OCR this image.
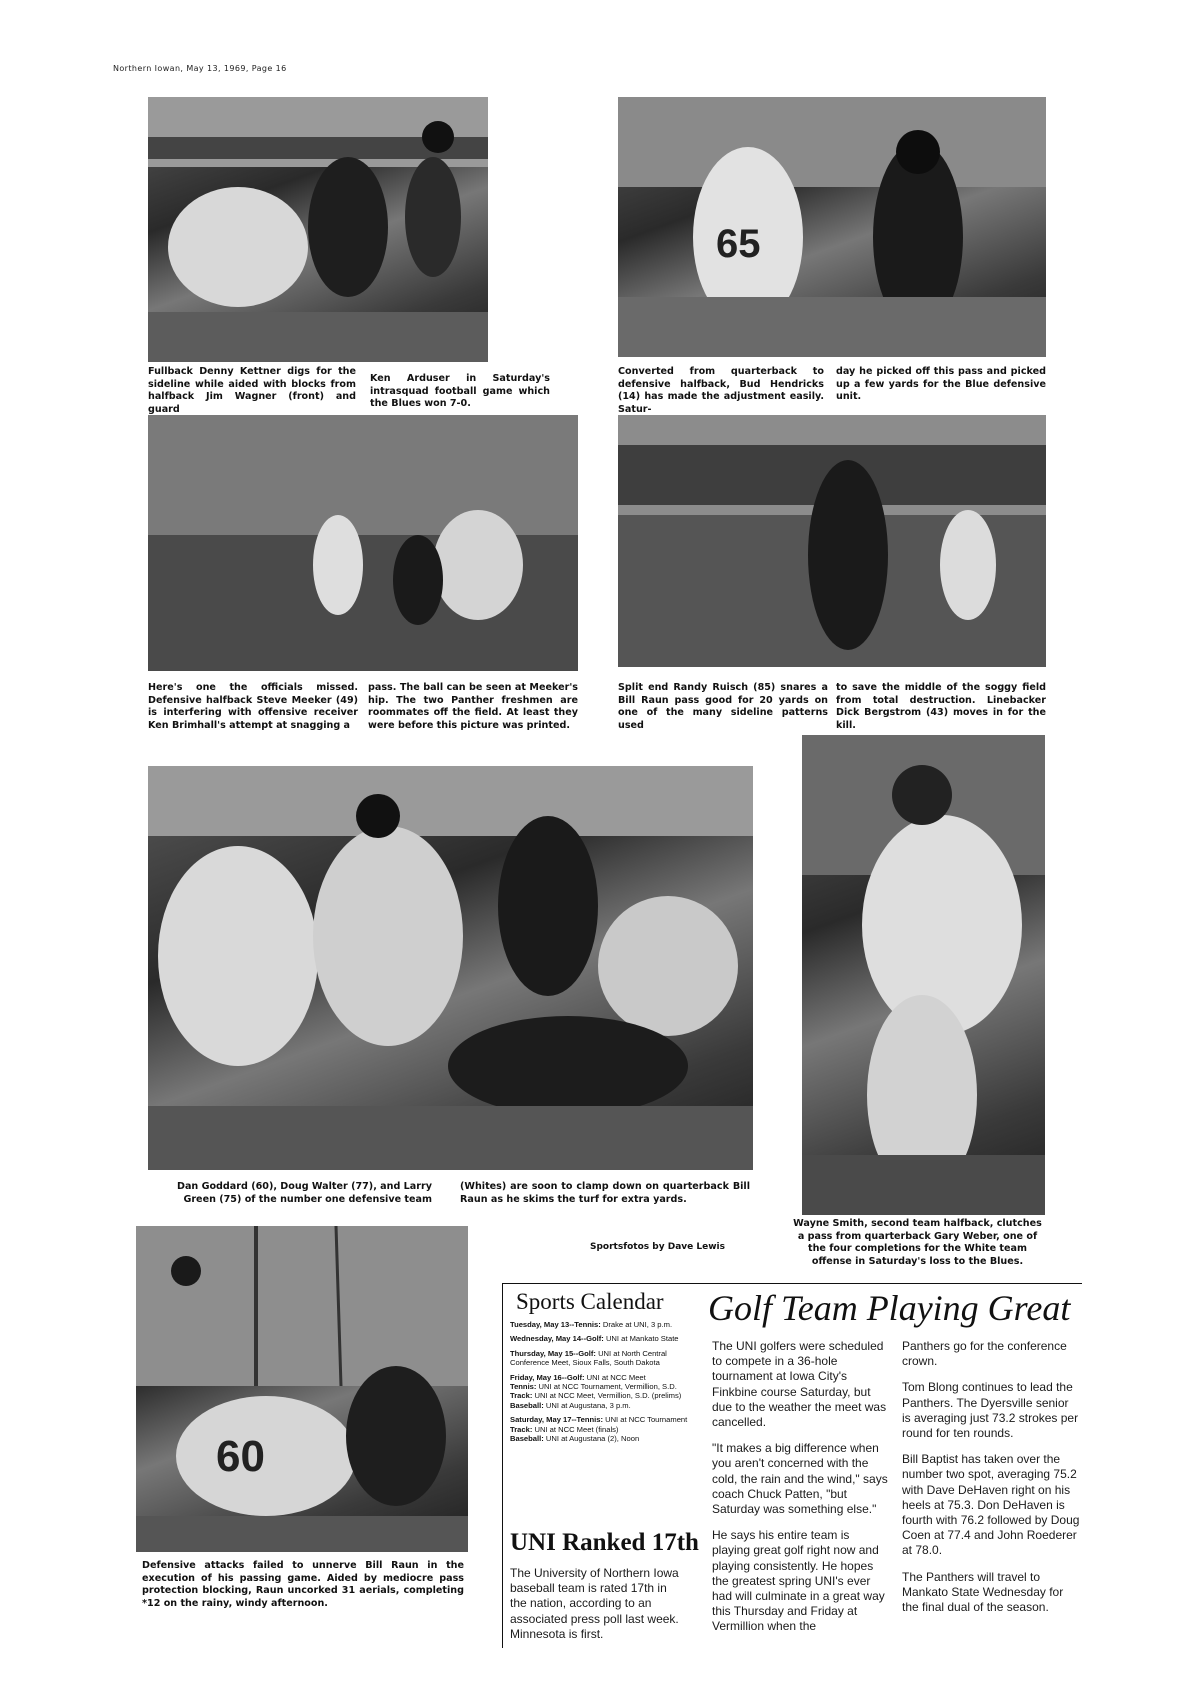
Northern Iowan, May 13, 1969, Page 16
65
Fullback Denny Kettner digs for the sideline while aided with blocks from halfback Jim Wagner (front) and guard
Ken Arduser in Saturday's intrasquad football game which the Blues won 7-0.
Converted from quarterback to defensive halfback, Bud Hendricks (14) has made the adjustment easily. Satur-
day he picked off this pass and picked up a few yards for the Blue defensive unit.
Here's one the officials missed. Defensive halfback Steve Meeker (49) is interfering with offensive receiver Ken Brimhall's attempt at snagging a
pass. The ball can be seen at Meeker's hip. The two Panther freshmen are roommates off the field. At least they were before this picture was printed.
Split end Randy Ruisch (85) snares a Bill Raun pass good for 20 yards on one of the many sideline patterns used
to save the middle of the soggy field from total destruction. Linebacker Dick Bergstrom (43) moves in for the kill.
Dan Goddard (60), Doug Walter (77), and Larry Green (75) of the number one defensive team
(Whites) are soon to clamp down on quarterback Bill Raun as he skims the turf for extra yards.
Wayne Smith, second team halfback, clutches a pass from quarterback Gary Weber, one of the four completions for the White team offense in Saturday's loss to the Blues.
Sportsfotos by Dave Lewis
60
Defensive attacks failed to unnerve Bill Raun in the execution of his passing game. Aided by mediocre pass protection blocking, Raun uncorked 31 aerials, completing *12 on the rainy, windy afternoon.
Sports Calendar

Tuesday, May 13--Tennis: Drake at UNI, 3 p.m.

Wednesday, May 14--Golf: UNI at Mankato State

Thursday, May 15--Golf: UNI at North Central Conference Meet, Sioux Falls, South Dakota

Friday, May 16--Golf: UNI at NCC Meet
Tennis: UNI at NCC Tournament, Vermillion, S.D.
Track: UNI at NCC Meet, Vermillion, S.D. (prelims)
Baseball: UNI at Augustana, 3 p.m.

Saturday, May 17--Tennis: UNI at NCC Tournament
Track: UNI at NCC Meet (finals)
Baseball: UNI at Augustana (2), Noon

UNI Ranked 17th
The University of Northern Iowa baseball team is rated 17th in the nation, according to an associated press poll last week. Minnesota is first.
Golf Team Playing Great

The UNI golfers were scheduled to compete in a 36-hole tournament at Iowa City's Finkbine course Saturday, but due to the weather the meet was cancelled.

"It makes a big difference when you aren't concerned with the cold, the rain and the wind," says coach Chuck Patten, "but Saturday was something else."

He says his entire team is playing great golf right now and playing consistently. He hopes the greatest spring UNI's ever had will culminate in a great way this Thursday and Friday at Vermillion when the

Panthers go for the conference crown.

Tom Blong continues to lead the Panthers. The Dyersville senior is averaging just 73.2 strokes per round for ten rounds.

Bill Baptist has taken over the number two spot, averaging 75.2 with Dave DeHaven right on his heels at 75.3. Don DeHaven is fourth with 76.2 followed by Doug Coen at 77.4 and John Roederer at 78.0.

The Panthers will travel to Mankato State Wednesday for the final dual of the season.
